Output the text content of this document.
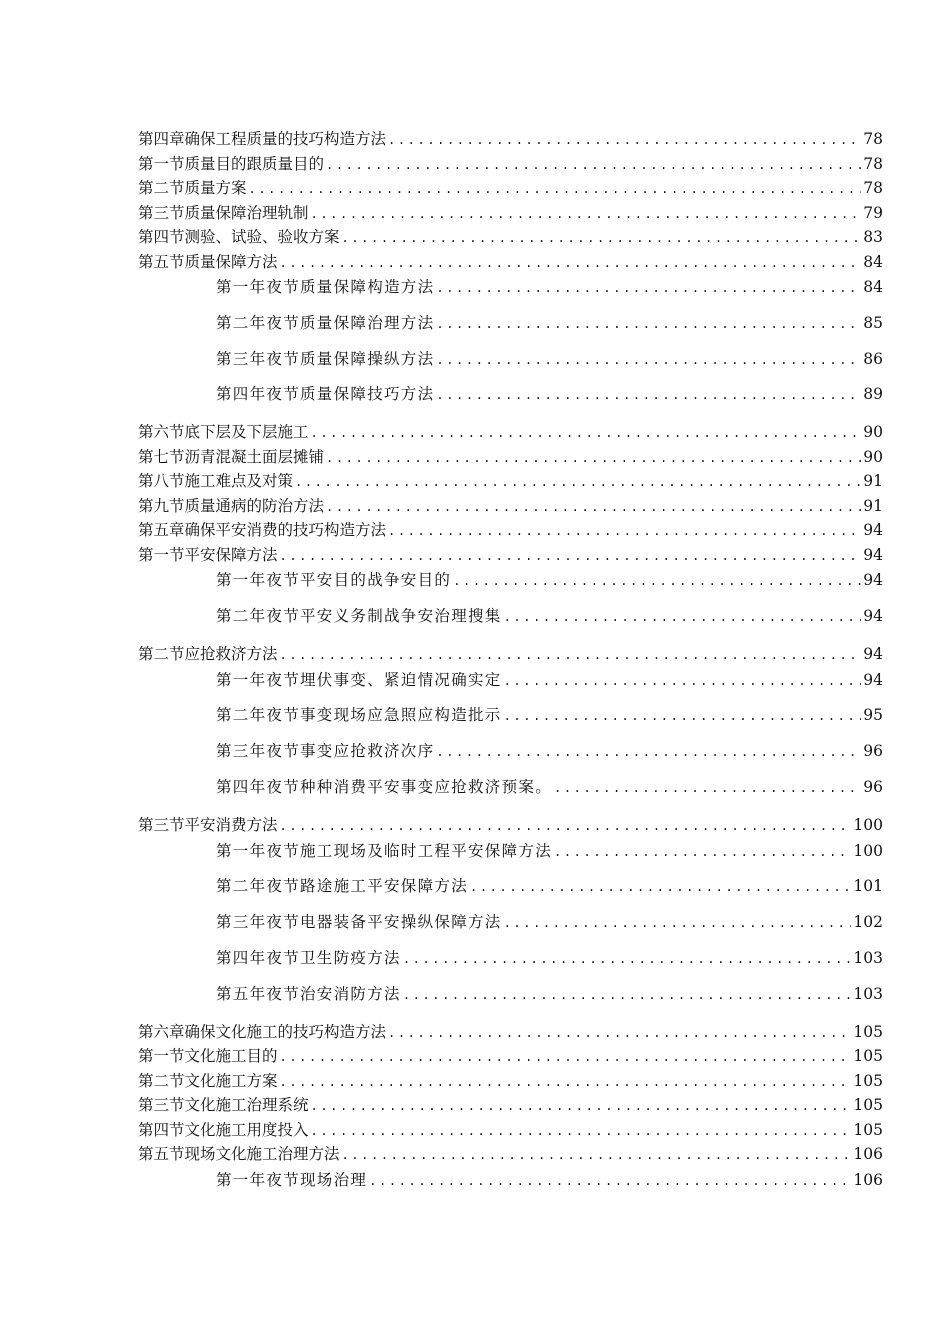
第四章确保工程质量的技巧构造方法 .....	78
第一节质量目的跟质量目的 .....	78
第二节质量方案 .....	78
第三节质量保障治理轨制 .....	79
第四节测验、试验、验收方案 .....	83
第五节质量保障方法 .....	84
第一年夜节质量保障构造方法 .....	84
第二年夜节质量保障治理方法 .....	85
第三年夜节质量保障操纵方法 .....	86
第四年夜节质量保障技巧方法 .....	89
第六节底下层及下层施工 .....	90
第七节沥青混凝土面层摊铺 .....	90
第八节施工难点及对策 .....	91
第九节质量通病的防治方法 .....	91
第五章确保平安消费的技巧构造方法 .....	94
第一节平安保障方法 .....	94
第一年夜节平安目的战争安目的 .....	94
第二年夜节平安义务制战争安治理搜集 .....	94
第二节应抢救济方法 .....	94
第一年夜节埋伏事变、紧迫情况确实定 .....	94
第二年夜节事变现场应急照应构造批示 .....	95
第三年夜节事变应抢救济次序 .....	96
第四年夜节种种消费平安事变应抢救济预案。 .....	96
第三节平安消费方法 .....	100
第一年夜节施工现场及临时工程平安保障方法 .....	100
第二年夜节路途施工平安保障方法 .....	101
第三年夜节电器装备平安操纵保障方法 .....	102
第四年夜节卫生防疫方法 .....	103
第五年夜节治安消防方法 .....	103
第六章确保文化施工的技巧构造方法 .....	105
第一节文化施工目的 .....	105
第二节文化施工方案 .....	105
第三节文化施工治理系统 .....	105
第四节文化施工用度投入 .....	105
第五节现场文化施工治理方法 .....	106
第一年夜节现场治理 .....	106
